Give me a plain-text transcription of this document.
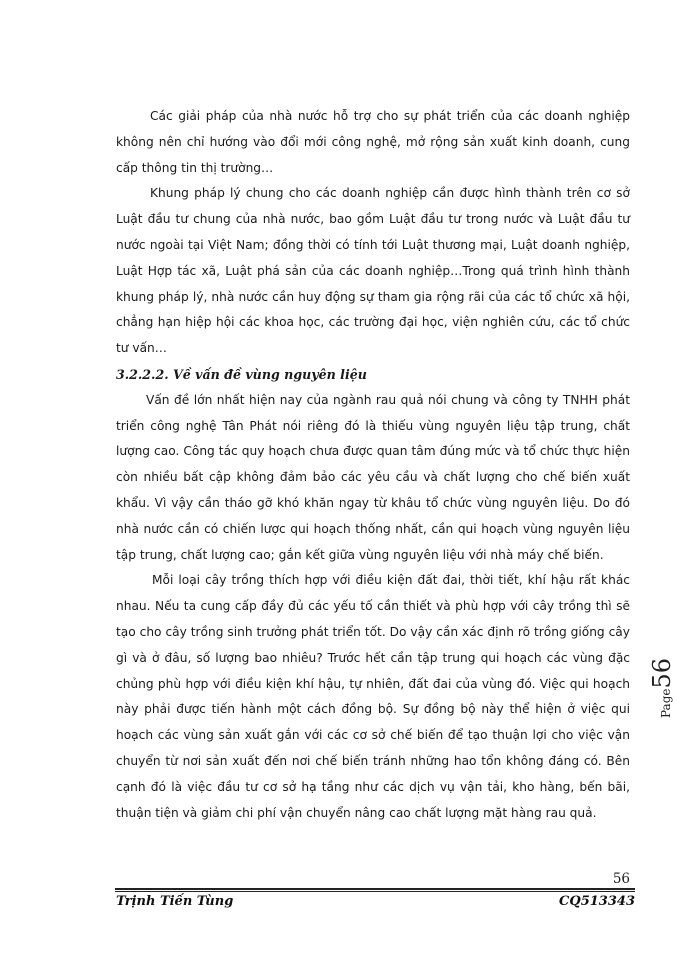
Các giải pháp của nhà nước hỗ trợ cho sự phát triển của các doanh nghiệp không nên chỉ hướng vào đổi mới công nghệ, mở rộng sản xuất kinh doanh, cung cấp thông tin thị trường…

Khung pháp lý chung cho các doanh nghiệp cần được hình thành trên cơ sở Luật đầu tư chung của nhà nước, bao gồm Luật đầu tư trong nước và Luật đầu tư nước ngoài tại Việt Nam; đồng thời có tính tới Luật thương mại, Luật doanh nghiệp, Luật Hợp tác xã, Luật phá sản của các doanh nghiệp…Trong quá trình hình thành khung pháp lý, nhà nước cần huy động sự tham gia rộng rãi của các tổ chức xã hội, chẳng hạn hiệp hội các khoa học, các trường đại học, viện nghiên cứu, các tổ chức tư vấn…

3.2.2.2. Về vấn đề vùng nguyên liệu

Vấn đề lớn nhất hiện nay của ngành rau quả nói chung và công ty TNHH phát triển công nghệ Tân Phát nói riêng đó là thiếu vùng nguyên liệu tập trung, chất lượng cao. Công tác quy hoạch chưa được quan tâm đúng mức và tổ chức thực hiện còn nhiều bất cập không đảm bảo các yêu cầu và chất lượng cho chế biến xuất khẩu. Vì vậy cần tháo gỡ khó khăn ngay từ khâu tổ chức vùng nguyên liệu. Do đó nhà nước cần có chiến lược qui hoạch thống nhất, cần qui hoạch vùng nguyên liệu tập trung, chất lượng cao; gắn kết giữa vùng nguyên liệu với nhà máy chế biến.

Mỗi loại cây trồng thích hợp với điều kiện đất đai, thời tiết, khí hậu rất khác nhau. Nếu ta cung cấp đầy đủ các yếu tố cần thiết và phù hợp với cây trồng thì sẽ tạo cho cây trồng sinh trưởng phát triển tốt. Do vậy cần xác định rõ trồng giống cây gì và ở đâu, số lượng bao nhiêu? Trước hết cần tập trung qui hoạch các vùng đặc chủng phù hợp với điều kiện khí hậu, tự nhiên, đất đai của vùng đó. Việc qui hoạch này phải được tiến hành một cách đồng bộ. Sự đồng bộ này thể hiện ở việc qui hoạch các vùng sản xuất gắn với các cơ sở chế biến để tạo thuận lợi cho việc vận chuyển từ nơi sản xuất đến nơi chế biến tránh những hao tổn không đáng có. Bên cạnh đó là việc đầu tư cơ sở hạ tầng như các dịch vụ vận tải, kho hàng, bến bãi, thuận tiện và giảm chi phí vận chuyển nâng cao chất lượng mặt hàng rau quả.

Page56
56
Trịnh Tiến Tùng	CQ513343
